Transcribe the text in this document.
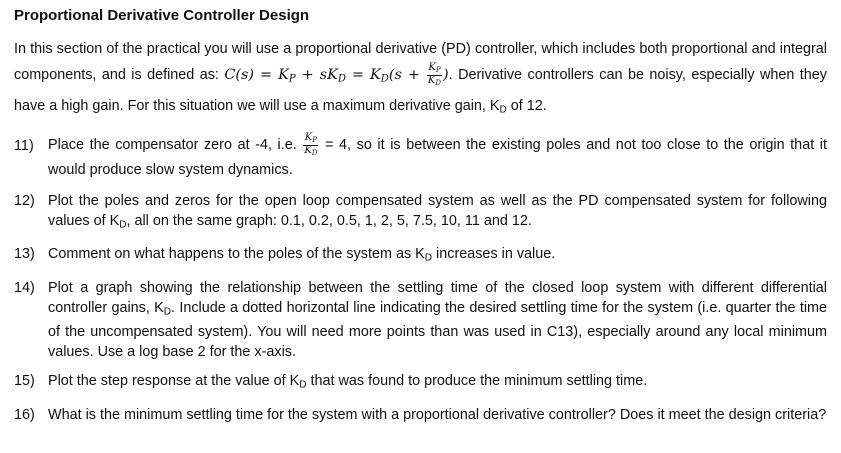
Proportional Derivative Controller Design

In this section of the practical you will use a proportional derivative (PD) controller, which includes both proportional and integral components, and is defined as: $C(s) = K_P + sK_D = K_D(s + \frac{K_P}{K_D}$ ). Derivative controllers can be noisy, especially when they have a high gain. For this situation we will use a maximum derivative gain, $K_D$ of 12.

11) Place the compensator zero at -4, i.e. $\frac{K_P}{K_D} = 4$, so it is between the existing poles and not too close to the origin that it would produce slow system dynamics.
12) Plot the poles and zeros for the open loop compensated system as well as the PD compensated system for following values of $K_D$, all on the same graph: 0.1, 0.2, 0.5, 1, 2, 5, 7.5, 10, 11 and 12.
13) Comment on what happens to the poles of the system as $K_D$ increases in value.
14) Plot a graph showing the relationship between the settling time of the closed loop system with different differential controller gains, $K_D$. Include a dotted horizontal line indicating the desired settling time for the system (i.e. quarter the time of the uncompensated system). You will need more points than was used in C13), especially around any local minimum values. Use a log base 2 for the x-axis.
15) Plot the step response at the value of $K_D$ that was found to produce the minimum settling time.
16) What is the minimum settling time for the system with a proportional derivative controller? Does it meet the design criteria?
